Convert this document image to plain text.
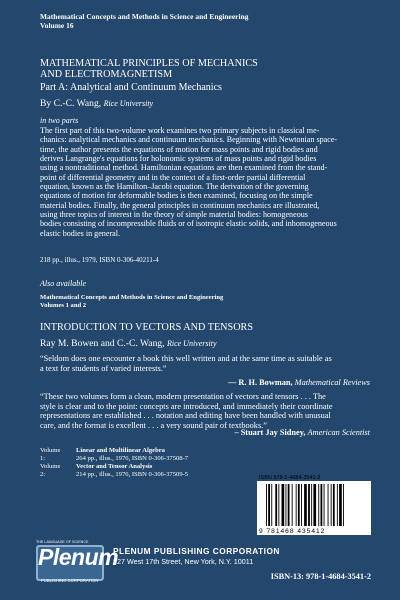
Mathematical Concepts and Methods in Science and Engineering
Volume 16
MATHEMATICAL PRINCIPLES OF MECHANICS
AND ELECTROMAGNETISM
Part A: Analytical and Continuum Mechanics
By C.-C. Wang, Rice University
in two parts
The first part of this two-volume work examines two primary subjects in classical me-
chanics: analytical mechanics and continuum mechanics. Beginning with Newtonian space-
time, the author presents the equations of motion for mass points and rigid bodies and
derives Langrange's equations for holonomic systems of mass points and rigid bodies
using a nontraditional method. Hamiltonian equations are then examined from the stand-
point of differential geometry and in the context of a first-order partial differential
equation, known as the Hamilton–Jacobi equation. The derivation of the governing
equations of motion for deformable bodies is then examined, focusing on the simple
material bodies. Finally, the general principles in continuum mechanics are illustrated,
using three topics of interest in the theory of simple material bodies: homogeneous
bodies consisting of incompressible fluids or of isotropic elastic solids, and inhomogeneous
elastic bodies in general.
218 pp., illus., 1979, ISBN 0-306-40211-4
Also available
Mathematical Concepts and Methods in Science and Engineering
Volumes 1 and 2
INTRODUCTION TO VECTORS AND TENSORS
Ray M. Bowen and C.-C. Wang, Rice University
“Seldom does one encounter a book this well written and at the same time as suitable as
a text for students of varied interests.”
— R. H. Bowman, Mathematical Reviews
“These two volumes form a clean, modern presentation of vectors and tensors . . . The
style is clear and to the point: concepts are introduced, and immediately their coordinate
representations are established . . . notation and editing have been handled with unusual
care, and the format is excellent . . . a very sound pair of textbooks.”
– Stuart Jay Sidney, American Scientist
Volume 1:
Linear and Multilinear Algebra
264 pp., illus., 1976, ISBN 0-306-37508-7
Volume 2:
Vector and Tensor Analysis
214 pp., illus., 1976, ISBN 0-306-37509-5
ISBN 978-1-4684-3541-2
9 781468 435412
THE LANGUAGE OF SCIENCE
Plenum
PUBLISHING CORPORATION
PLENUM PUBLISHING CORPORATION
227 West 17th Street, New York, N.Y. 10011
ISBN-13: 978-1-4684-3541-2
